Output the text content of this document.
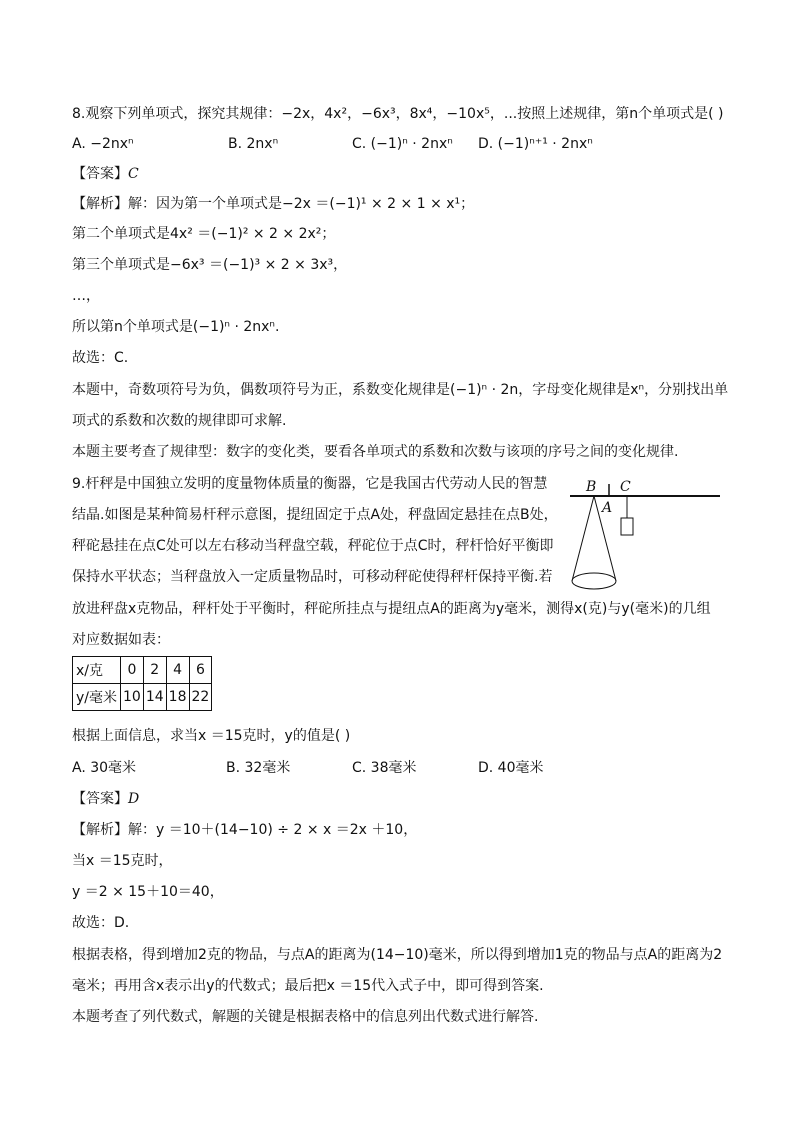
8.观察下列单项式，探究其规律：−2x，4x²，−6x³，8x⁴，−10x⁵，...按照上述规律，第n个单项式是( )
A. −2nxⁿ	B. 2nxⁿ	C. (−1)ⁿ · 2nxⁿ D. (−1)ⁿ⁺¹ · 2nxⁿ
【答案】C
【解析】解：因为第一个单项式是−2x ＝(−1)¹ × 2 × 1 × x¹；
第二个单项式是4x² ＝(−1)² × 2 × 2x²；
第三个单项式是−6x³ ＝(−1)³ × 2 × 3x³，
…，
所以第n个单项式是(−1)ⁿ · 2nxⁿ.
故选：C.
本题中，奇数项符号为负，偶数项符号为正，系数变化规律是(−1)ⁿ · 2n，字母变化规律是xⁿ，分别找出单
项式的系数和次数的规律即可求解.
本题主要考查了规律型：数字的变化类，要看各单项式的系数和次数与该项的序号之间的变化规律.
9.杆秤是中国独立发明的度量物体质量的衡器，它是我国古代劳动人民的智慧
结晶.如图是某种简易杆秤示意图，提纽固定于点A处，秤盘固定悬挂在点B处，
秤砣悬挂在点C处可以左右移动当秤盘空载，秤砣位于点C时，秤杆恰好平衡即
保持水平状态；当秤盘放入一定质量物品时，可移动秤砣使得秤杆保持平衡.若
放进秤盘x克物品，秤杆处于平衡时，秤砣所挂点与提纽点A的距离为y毫米，测得x(克)与y(毫米)的几组
对应数据如表：
x/克	0	2	4	6
y/毫米	10	14	18	22
根据上面信息，求当x ＝15克时，y的值是( )
A. 30毫米	B. 32毫米	C. 38毫米	D. 40毫米
【答案】D
【解析】解：y ＝10＋(14−10) ÷ 2 × x ＝2x ＋10，
当x ＝15克时，
y ＝2 × 15＋10＝40，
故选：D.
根据表格，得到增加2克的物品，与点A的距离为(14−10)毫米，所以得到增加1克的物品与点A的距离为2
毫米；再用含x表示出y的代数式；最后把x ＝15代入式子中，即可得到答案.
本题考查了列代数式，解题的关键是根据表格中的信息列出代数式进行解答.
B C
A
